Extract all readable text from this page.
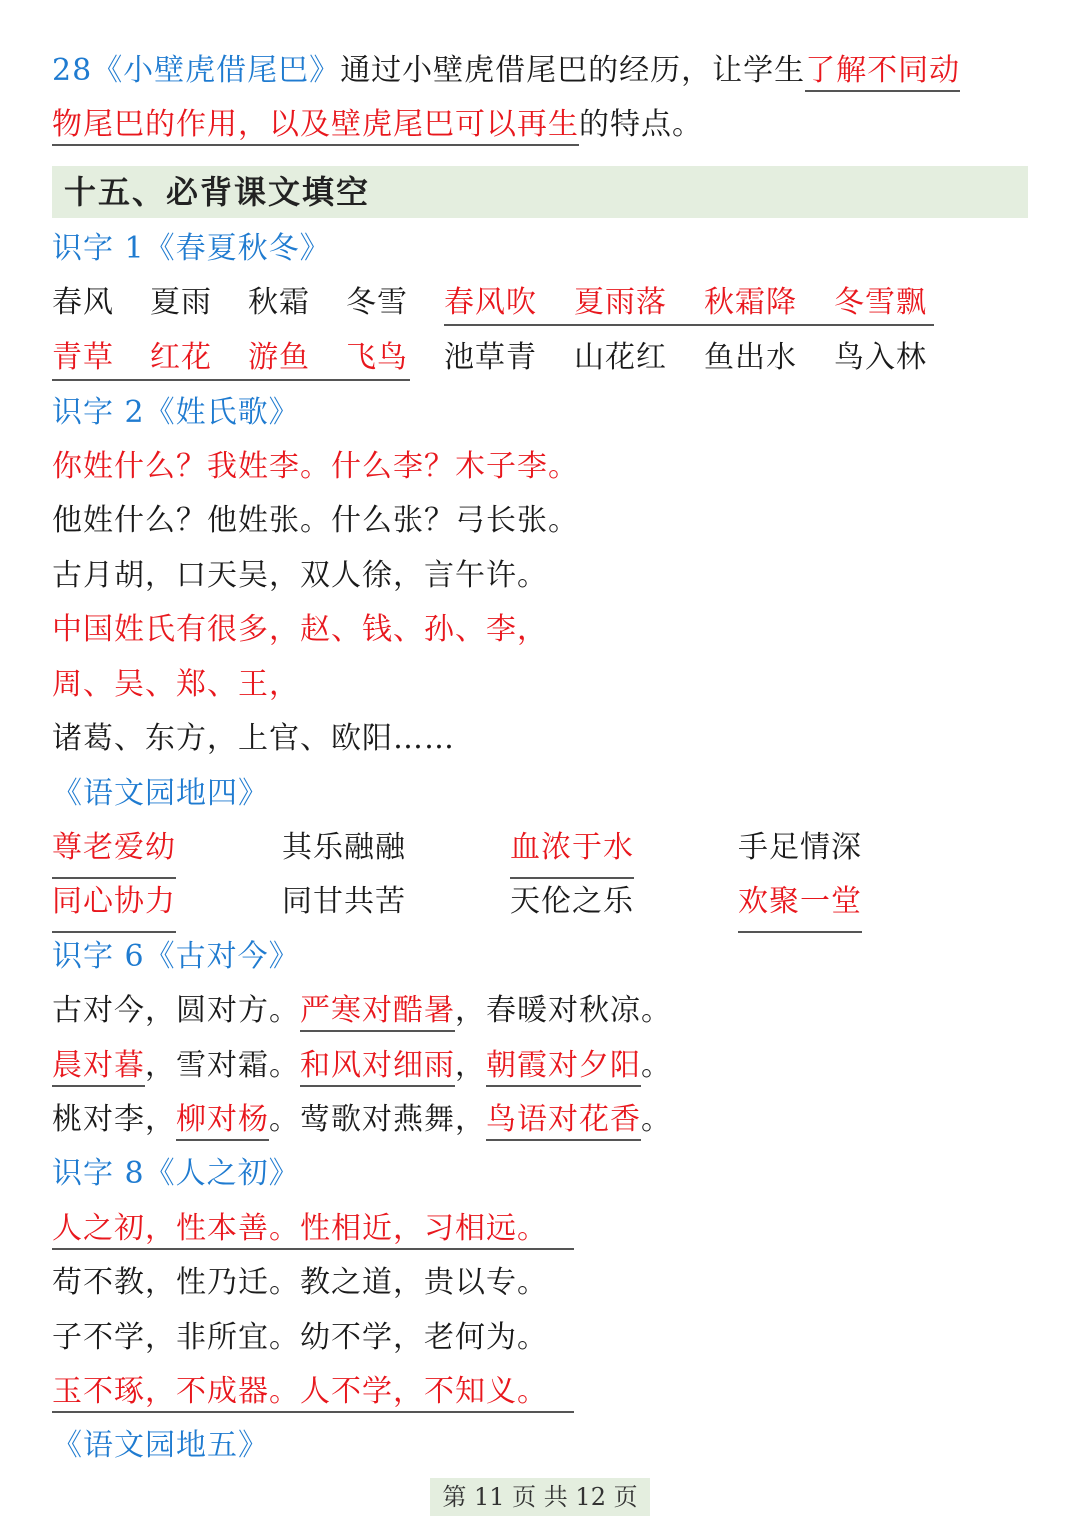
28《小壁虎借尾巴》通过小壁虎借尾巴的经历，让学生了解不同动
物尾巴的作用，以及壁虎尾巴可以再生的特点。
十五、必背课文填空
识字 1《春夏秋冬》
春风 夏雨 秋霜 冬雪 春风吹 夏雨落 秋霜降 冬雪飘
青草 红花 游鱼 飞鸟 池草青 山花红 鱼出水 鸟入林
识字 2《姓氏歌》
你姓什么？我姓李。什么李？木子李。
他姓什么？他姓张。什么张？弓长张。
古月胡，口天吴，双人徐，言午许。
中国姓氏有很多，赵、钱、孙、李，
周、吴、郑、王，
诸葛、东方，上官、欧阳……
《语文园地四》
尊老爱幼	其乐融融	血浓于水	手足情深
同心协力	同甘共苦	天伦之乐	欢聚一堂
识字 6《古对今》
古对今，圆对方。严寒对酷暑，春暖对秋凉。
晨对暮，雪对霜。和风对细雨，朝霞对夕阳。
桃对李，柳对杨。莺歌对燕舞，鸟语对花香。
识字 8《人之初》
人之初，性本善。性相近，习相远。
苟不教，性乃迁。教之道，贵以专。
子不学，非所宜。幼不学，老何为。
玉不琢，不成器。人不学，不知义。
《语文园地五》
第 11 页 共 12 页
